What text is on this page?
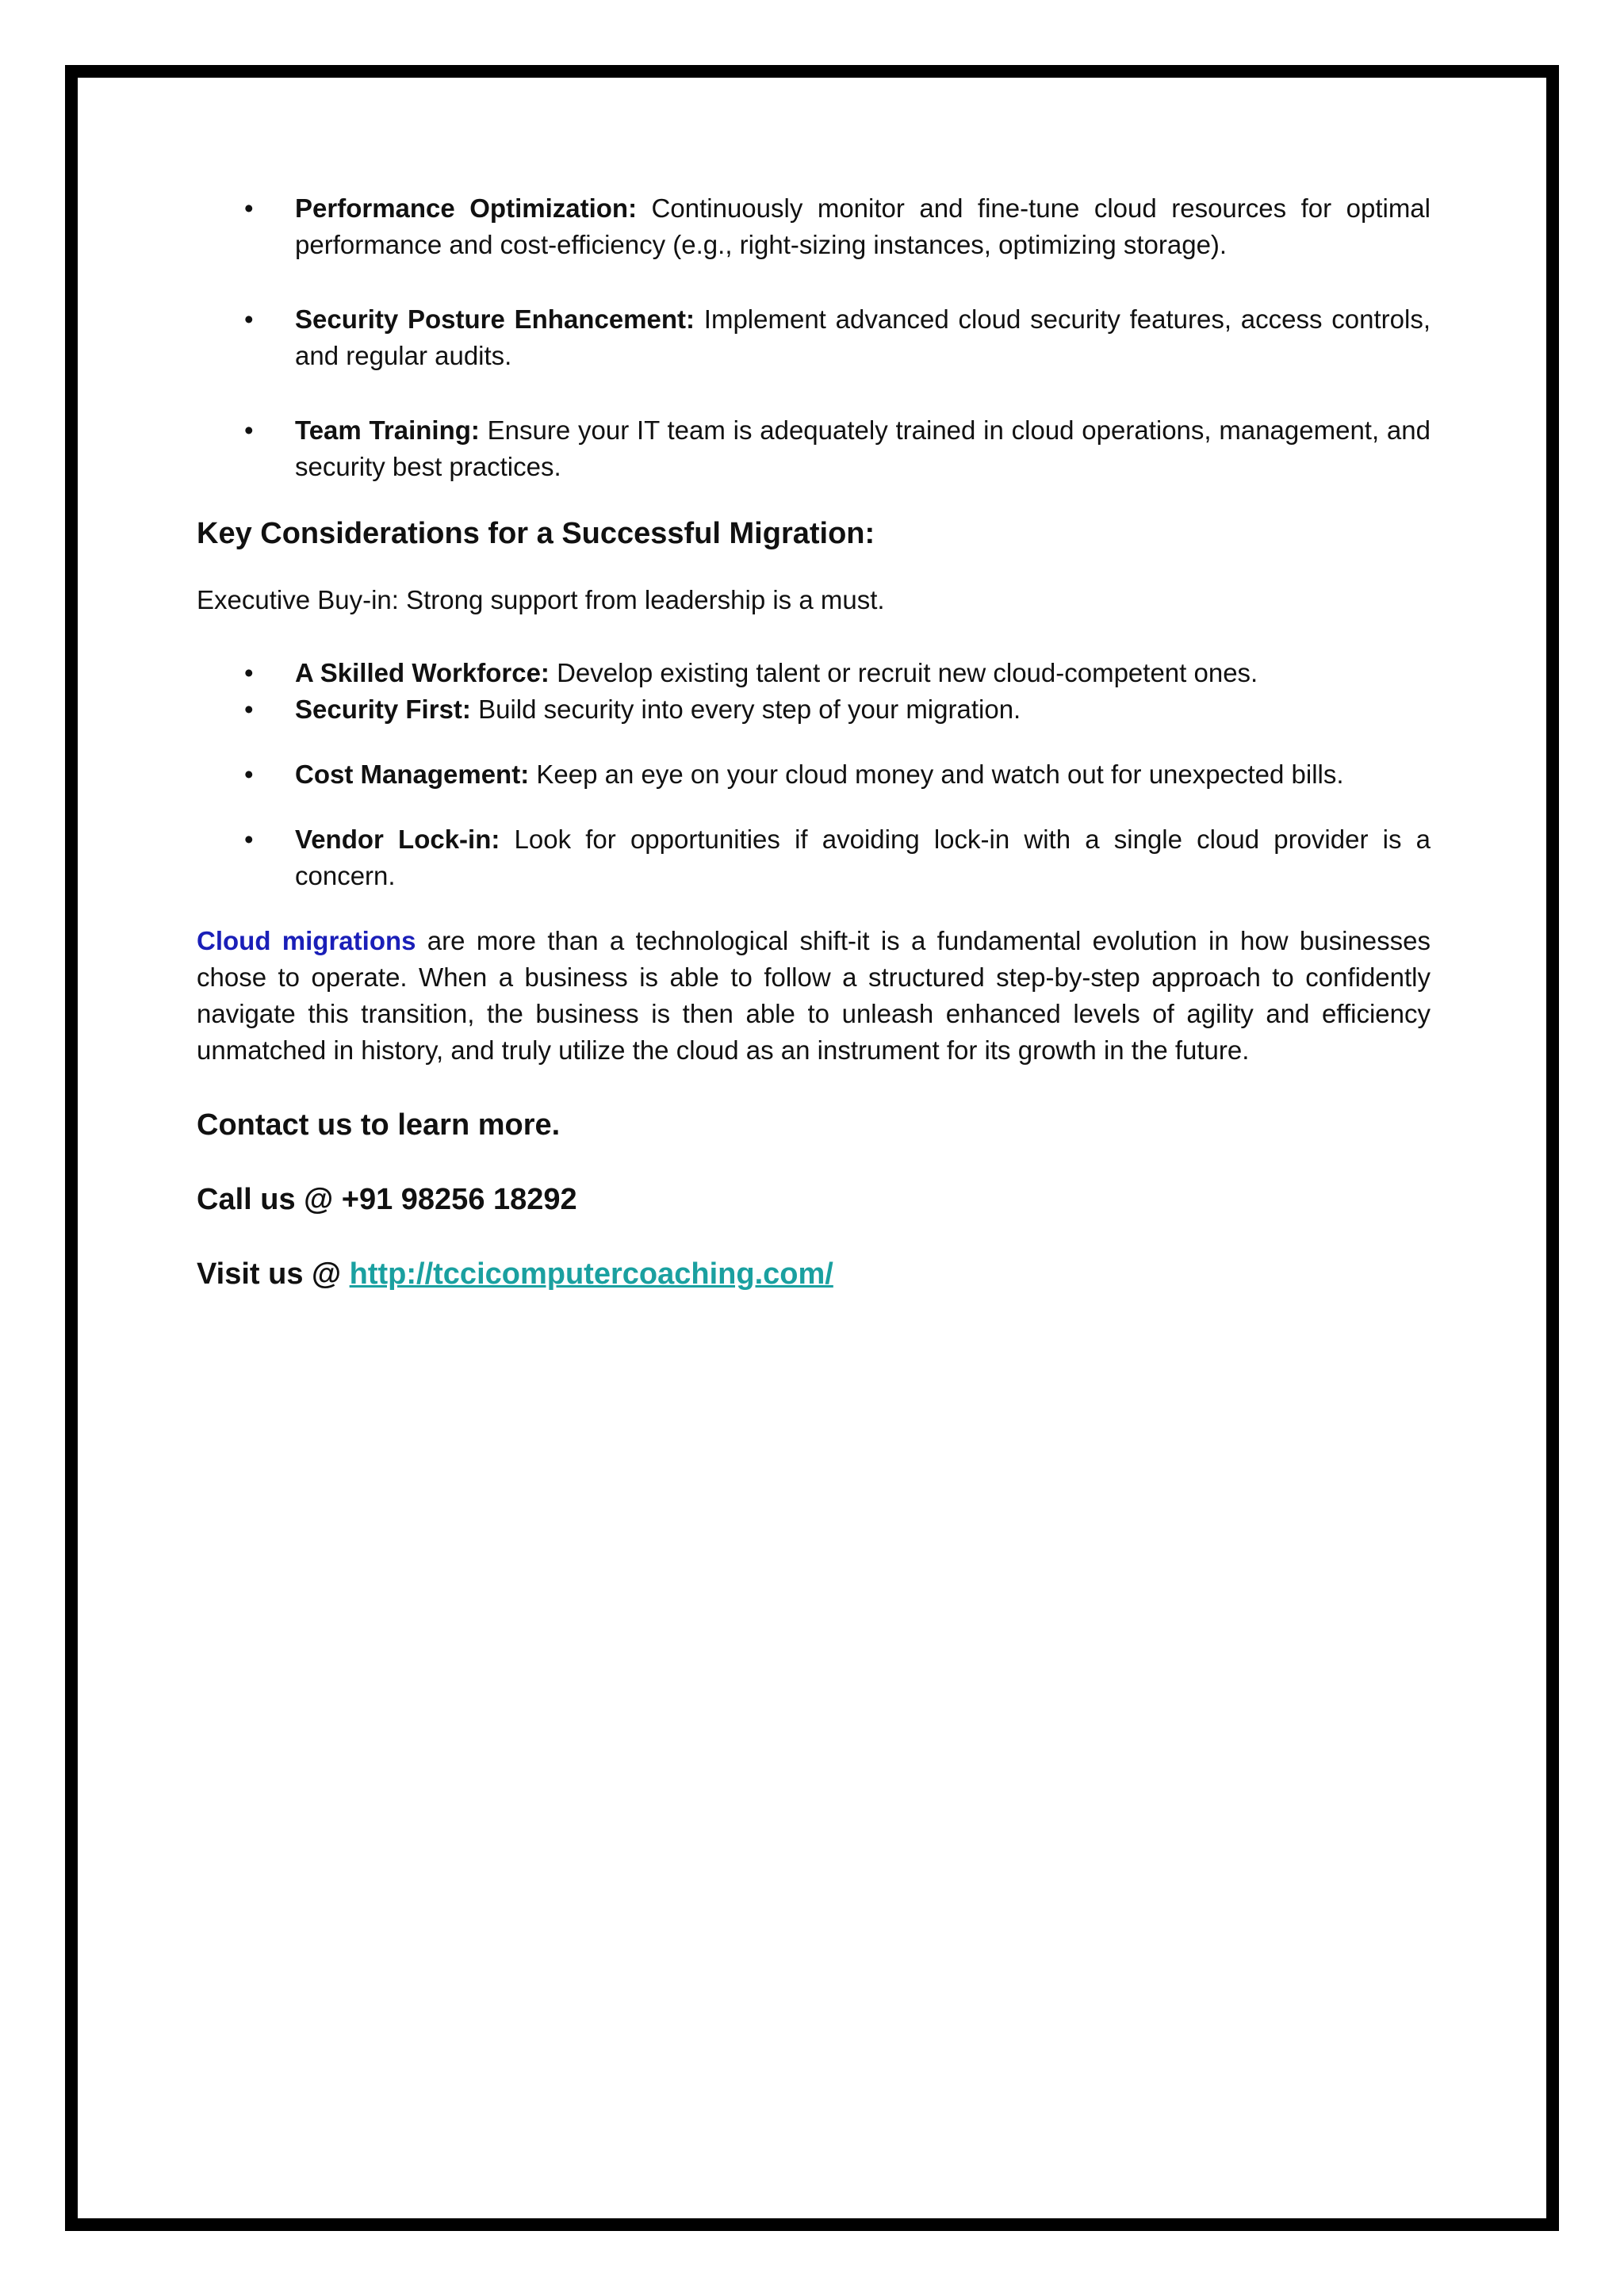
• Performance Optimization: Continuously monitor and fine-tune cloud resources for optimal performance and cost-efficiency (e.g., right-sizing instances, optimizing storage).
• Security Posture Enhancement: Implement advanced cloud security features, access controls, and regular audits.
• Team Training: Ensure your IT team is adequately trained in cloud operations, management, and security best practices.
Key Considerations for a Successful Migration:

Executive Buy-in: Strong support from leadership is a must.

• A Skilled Workforce: Develop existing talent or recruit new cloud-competent ones.
• Security First: Build security into every step of your migration.
• Cost Management: Keep an eye on your cloud money and watch out for unexpected bills.
• Vendor Lock-in: Look for opportunities if avoiding lock-in with a single cloud provider is a concern.

Cloud migrations are more than a technological shift-it is a fundamental evolution in how businesses chose to operate. When a business is able to follow a structured step-by-step approach to confidently navigate this transition, the business is then able to unleash enhanced levels of agility and efficiency unmatched in history, and truly utilize the cloud as an instrument for its growth in the future.

Contact us to learn more.
Call us @ +91 98256 18292
Visit us @ http://tccicomputercoaching.com/
